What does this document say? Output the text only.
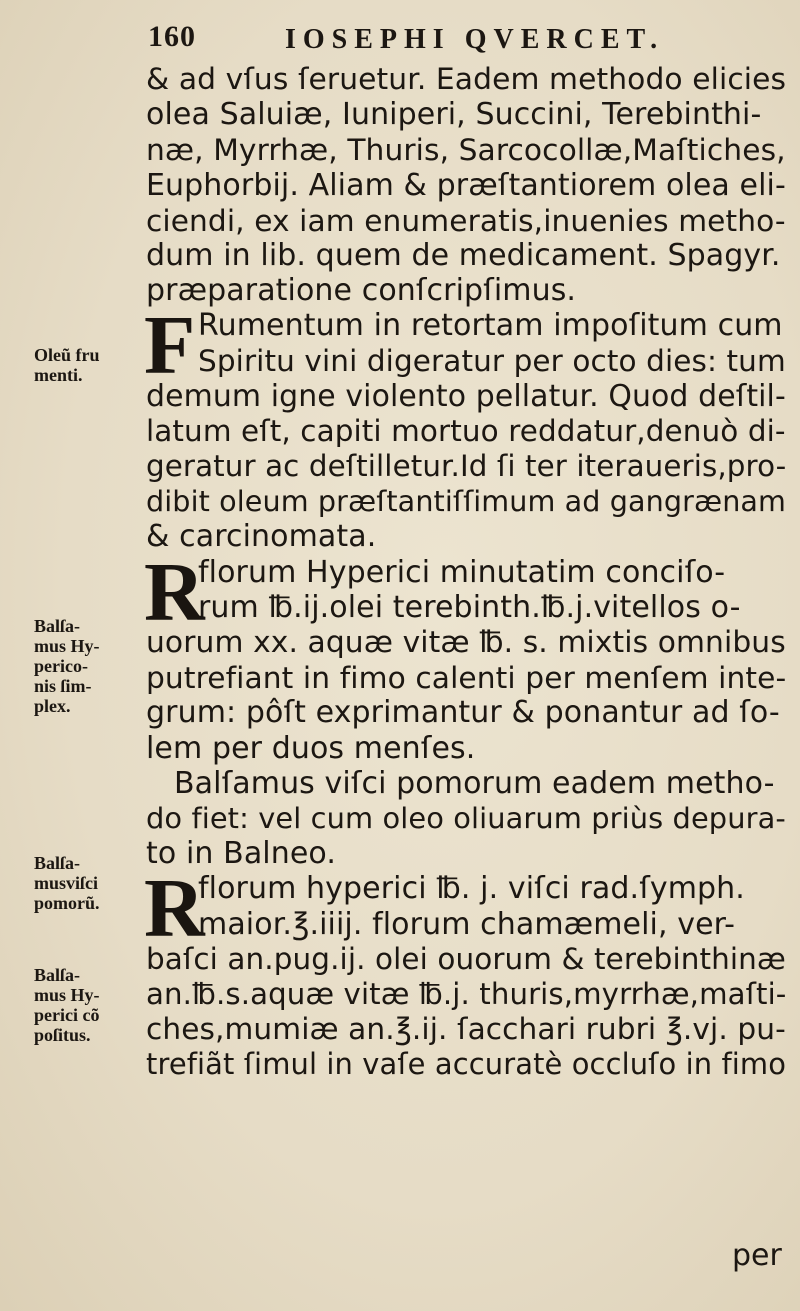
160	IOSEPHI QVERCET.
& ad vſus ſeruetur. Eadem methodo elicies
olea Saluiæ, Iuniperi, Succini, Terebinthi-
næ, Myrrhæ, Thuris, Sarcocollæ,Maſtiches,
Euphorbij. Aliam & præſtantiorem olea eli-
ciendi, ex iam enumeratis,inuenies metho-
dum in lib. quem de medicament. Spagyr.
præparatione conſcripſimus.
F Rumentum in retortam impoſitum cum
Spiritu vini digeratur per octo dies: tum
demum igne violento pellatur. Quod deſtil-
latum eſt, capiti mortuo reddatur,denuò di-
geratur ac deſtilletur.Id ſi ter iteraueris,pro-
dibit oleum præſtantiſſimum ad gangrænam
& carcinomata.
R
florum Hyperici minutatim conciſo-
rum ℔.ij.olei terebinth.℔.j.vitellos o-
uorum xx. aquæ vitæ ℔. s. mixtis omnibus
putrefiant in fimo calenti per menſem inte-
grum: pôſt exprimantur & ponantur ad ſo-
lem per duos menſes.
Balſamus viſci pomorum eadem metho-
do fiet: vel cum oleo oliuarum priùs depura-
to in Balneo.
R
florum hyperici ℔. j. viſci rad.ſymph.
maior.℥.iiij. florum chamæmeli, ver-
baſci an.pug.ij. olei ouorum & terebinthinæ
an.℔.s.aquæ vitæ ℔.j. thuris,myrrhæ,maſti-
ches,mumiæ an.℥.ij. ſacchari rubri ℥.vj. pu-
trefiãt ſimul in vaſe accuratè occluſo in fimo
Oleũ fru
menti.
Balſa-
mus Hy-
perico-
nis ſim-
plex.
Balſa-
musviſci
pomorũ.
Balſa-
mus Hy-
perici cõ
poſitus.
per
